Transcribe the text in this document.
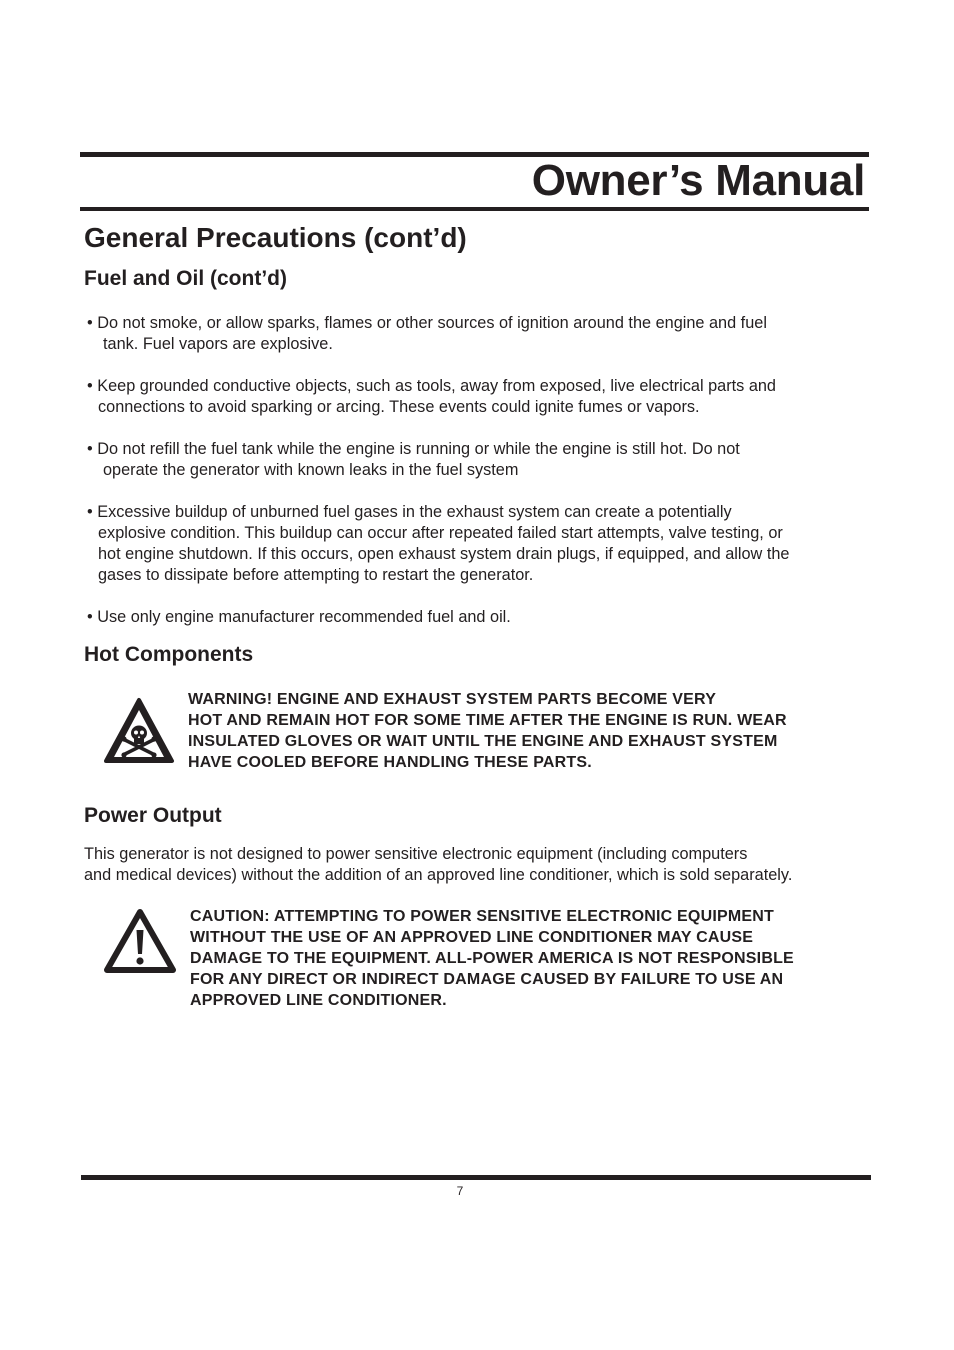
Owner’s Manual
General Precautions (cont’d)
Fuel and Oil (cont’d)

• Do not smoke, or allow sparks, flames or other sources of ignition around the engine and fuel
tank. Fuel vapors are explosive.

• Keep grounded conductive objects, such as tools, away from exposed, live electrical parts and
connections to avoid sparking or arcing. These events could ignite fumes or vapors.

• Do not refill the fuel tank while the engine is running or while the engine is still hot. Do not
operate the generator with known leaks in the fuel system

• Excessive buildup of unburned fuel gases in the exhaust system can create a potentially
explosive condition. This buildup can occur after repeated failed start attempts, valve testing, or
hot engine shutdown. If this occurs, open exhaust system drain plugs, if equipped, and allow the
gases to dissipate before attempting to restart the generator.

• Use only engine manufacturer recommended fuel and oil.

Hot Components

WARNING! ENGINE AND EXHAUST SYSTEM PARTS BECOME VERY
HOT AND REMAIN HOT FOR SOME TIME AFTER THE ENGINE IS RUN. WEAR
INSULATED GLOVES OR WAIT UNTIL THE ENGINE AND EXHAUST SYSTEM
HAVE COOLED BEFORE HANDLING THESE PARTS.

Power Output

This generator is not designed to power sensitive electronic equipment (including computers
and medical devices) without the addition of an approved line conditioner, which is sold separately.

CAUTION: ATTEMPTING TO POWER SENSITIVE ELECTRONIC EQUIPMENT
WITHOUT THE USE OF AN APPROVED LINE CONDITIONER MAY CAUSE
DAMAGE TO THE EQUIPMENT. ALL-POWER AMERICA IS NOT RESPONSIBLE
FOR ANY DIRECT OR INDIRECT DAMAGE CAUSED BY FAILURE TO USE AN
APPROVED LINE CONDITIONER.

7
